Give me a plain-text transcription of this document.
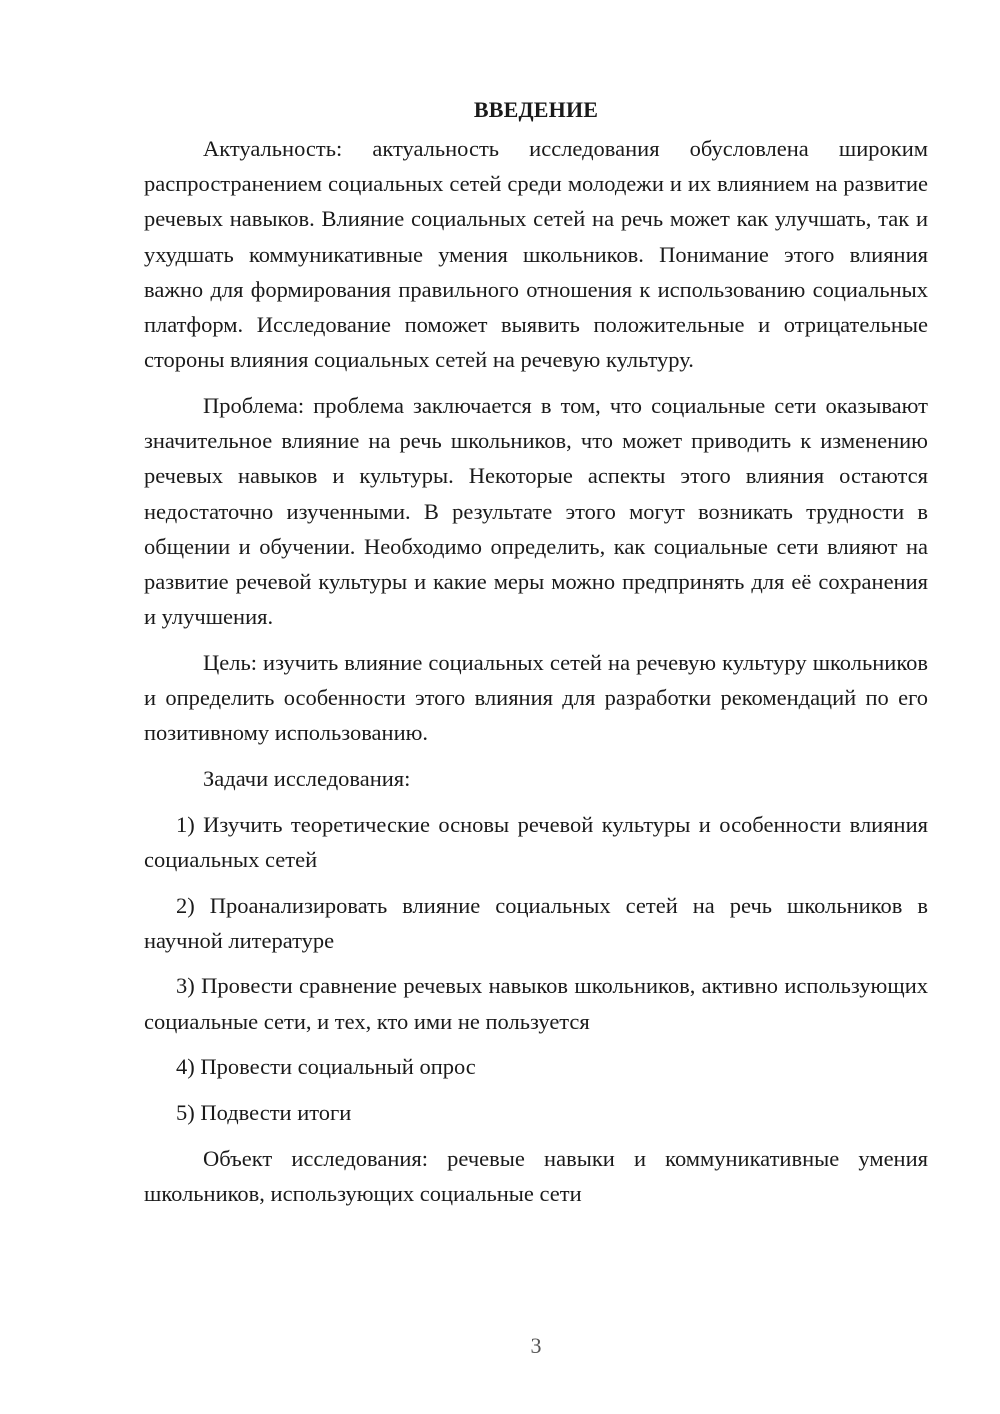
ВВЕДЕНИЕ

Актуальность: актуальность исследования обусловлена широким распространением социальных сетей среди молодежи и их влиянием на развитие речевых навыков. Влияние социальных сетей на речь может как улучшать, так и ухудшать коммуникативные умения школьников. Понимание этого влияния важно для формирования правильного отношения к использованию социальных платформ. Исследование поможет выявить положительные и отрицательные стороны влияния социальных сетей на речевую культуру.

Проблема: проблема заключается в том, что социальные сети оказывают значительное влияние на речь школьников, что может приводить к изменению речевых навыков и культуры. Некоторые аспекты этого влияния остаются недостаточно изученными. В результате этого могут возникать трудности в общении и обучении. Необходимо определить, как социальные сети влияют на развитие речевой культуры и какие меры можно предпринять для её сохранения и улучшения.

Цель: изучить влияние социальных сетей на речевую культуру школьников и определить особенности этого влияния для разработки рекомендаций по его позитивному использованию.

Задачи исследования:

1) Изучить теоретические основы речевой культуры и особенности влияния социальных сетей

2) Проанализировать влияние социальных сетей на речь школьников в научной литературе

3) Провести сравнение речевых навыков школьников, активно использующих социальные сети, и тех, кто ими не пользуется

4) Провести социальный опрос

5) Подвести итоги

Объект исследования: речевые навыки и коммуникативные умения школьников, использующих социальные сети

3
